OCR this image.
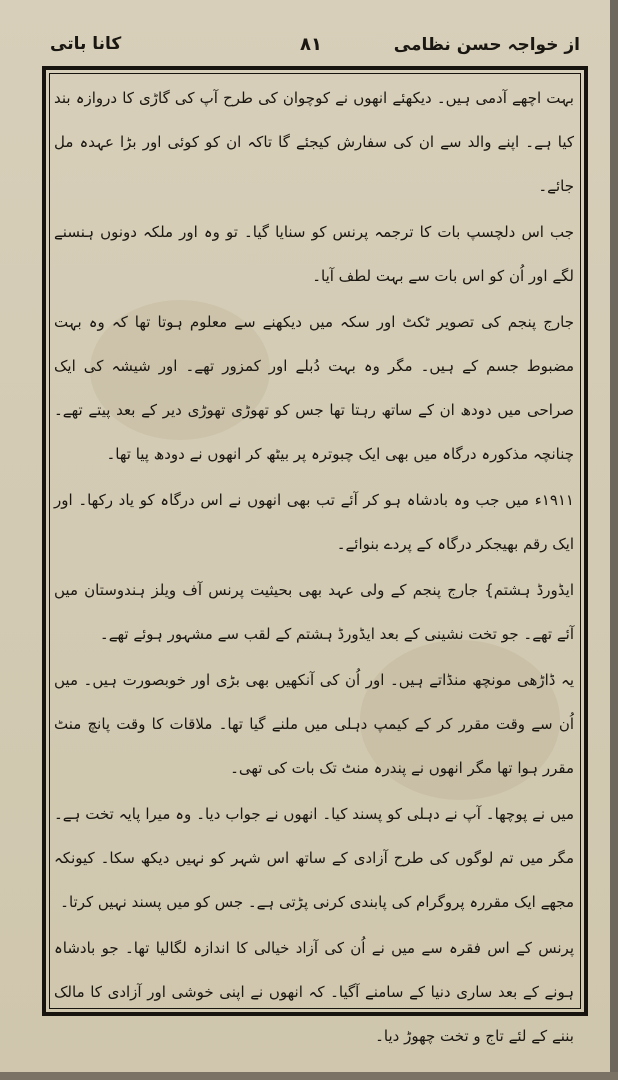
کانا باتی	۸۱	از خواجہ حسن نظامی

بہت اچھے آدمی ہیں۔ دیکھئے انھوں نے کوچوان کی طرح آپ کی گاڑی کا دروازہ بند کیا ہے۔ اپنے والد سے ان کی سفارش کیجئے گا تاکہ ان کو کوئی اور بڑا عہدہ مل جائے۔

جب اس دلچسپ بات کا ترجمہ پرنس کو سنایا گیا۔ تو وہ اور ملکہ دونوں ہنسنے لگے اور اُن کو اس بات سے بہت لطف آیا۔

جارج پنجم کی تصویر ٹکٹ اور سکہ میں دیکھنے سے معلوم ہوتا تھا کہ وہ بہت مضبوط جسم کے ہیں۔ مگر وہ بہت دُبلے اور کمزور تھے۔ اور شیشہ کی ایک صراحی میں دودھ ان کے ساتھ رہتا تھا جس کو تھوڑی تھوڑی دیر کے بعد پیتے تھے۔ چنانچہ مذکورہ درگاہ میں بھی ایک چبوترہ پر بیٹھ کر انھوں نے دودھ پیا تھا۔

۱۹۱۱ء میں جب وہ بادشاہ ہو کر آئے تب بھی انھوں نے اس درگاہ کو یاد رکھا۔ اور ایک رقم بھیجکر درگاہ کے پردے بنوائے۔

ایڈورڈ ہشتم} جارج پنجم کے ولی عہد بھی بحیثیت پرنس آف ویلز ہندوستان میں آئے تھے۔ جو تخت نشینی کے بعد ایڈورڈ ہشتم کے لقب سے مشہور ہوئے تھے۔

یہ ڈاڑھی مونچھ منڈاتے ہیں۔ اور اُن کی آنکھیں بھی بڑی اور خوبصورت ہیں۔ میں اُن سے وقت مقرر کر کے کیمپ دہلی میں ملنے گیا تھا۔ ملاقات کا وقت پانچ منٹ مقرر ہوا تھا مگر انھوں نے پندرہ منٹ تک بات کی تھی۔

میں نے پوچھا۔ آپ نے دہلی کو پسند کیا۔ انھوں نے جواب دیا۔ وہ میرا پایہ تخت ہے۔ مگر میں تم لوگوں کی طرح آزادی کے ساتھ اس شہر کو نہیں دیکھ سکا۔ کیونکہ مجھے ایک مقررہ پروگرام کی پابندی کرنی پڑتی ہے۔ جس کو میں پسند نہیں کرتا۔

پرنس کے اس فقرہ سے میں نے اُن کی آزاد خیالی کا اندازہ لگالیا تھا۔ جو بادشاہ ہونے کے بعد ساری دنیا کے سامنے آگیا۔ کہ انھوں نے اپنی خوشی اور آزادی کا مالک بننے کے لئے تاج و تخت چھوڑ دیا۔
